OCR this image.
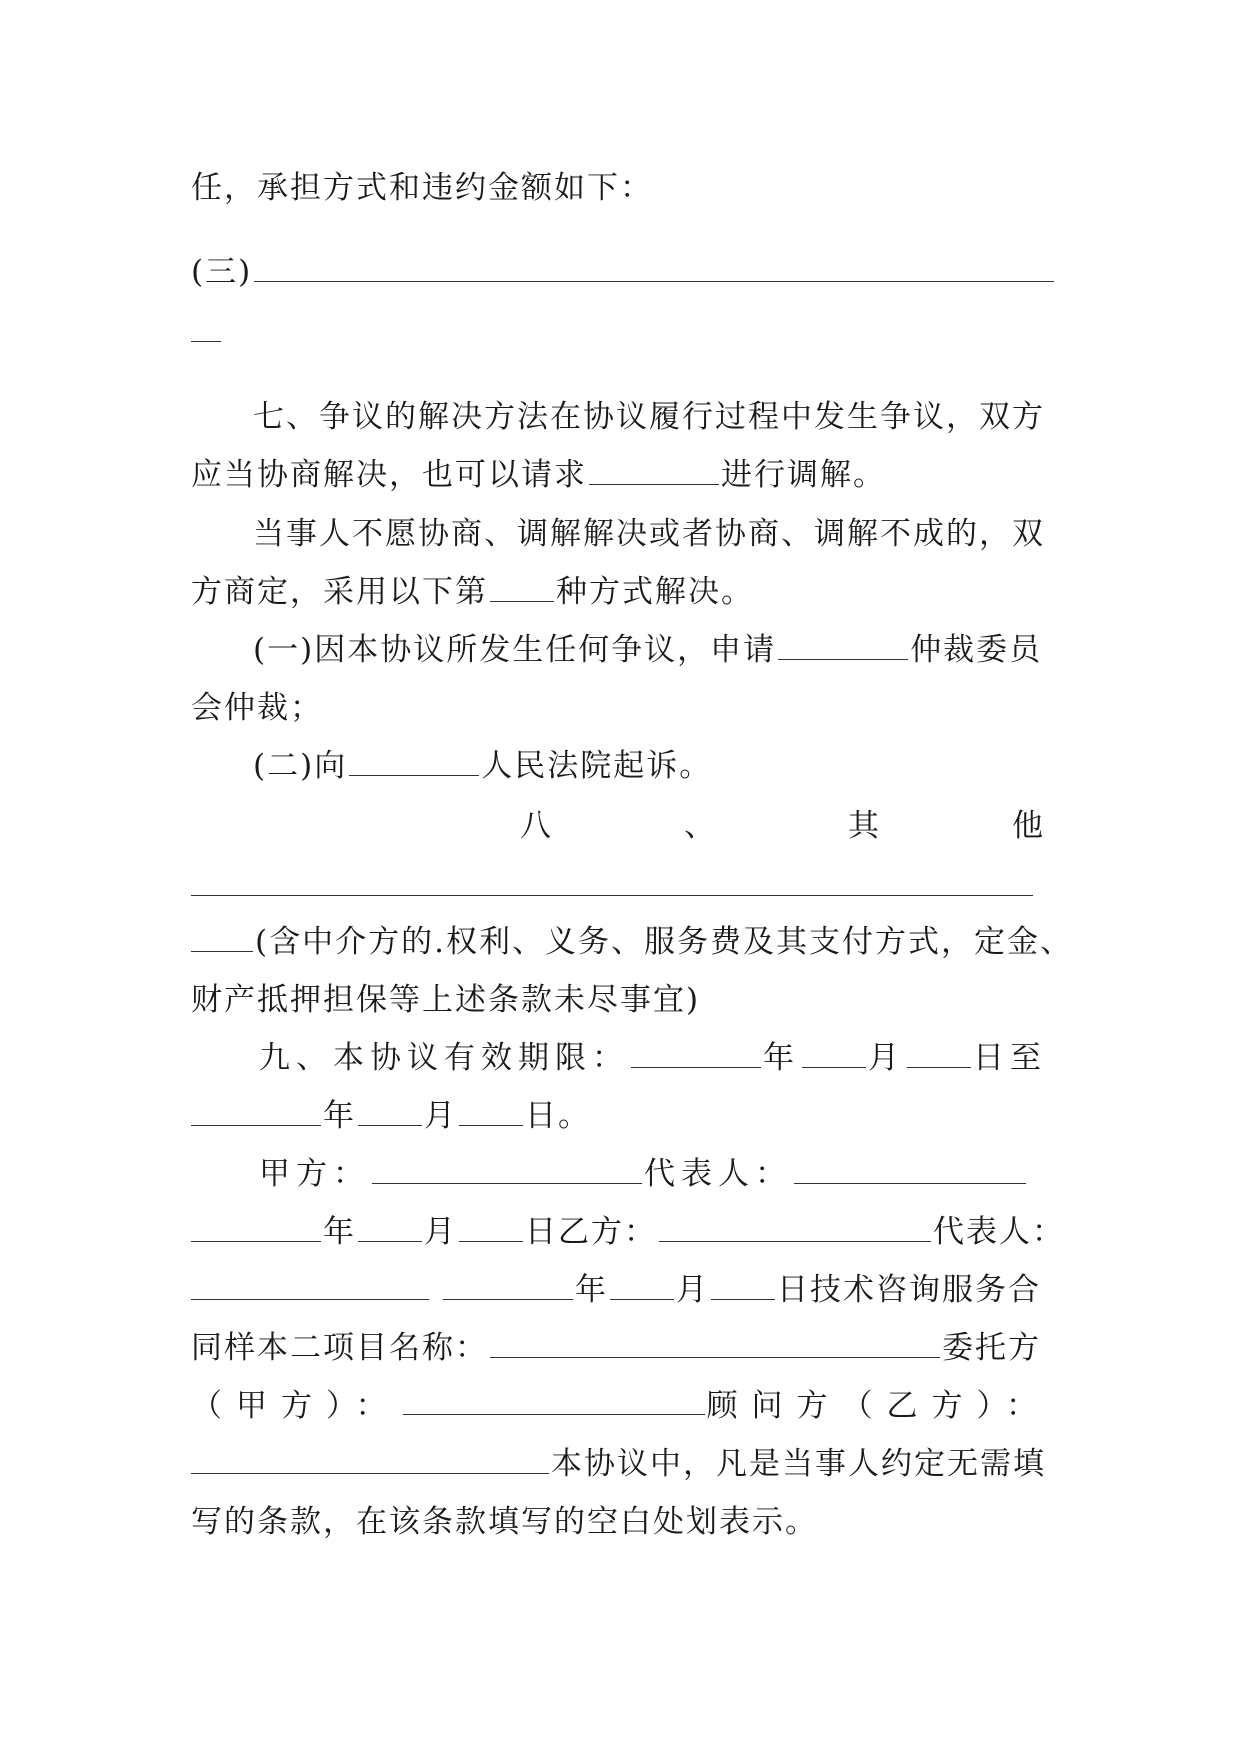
任，承担方式和违约金额如下：
(三)
七、争议的解决方法在协议履行过程中发生争议，双方
应当协商解决，也可以请求	进行调解。
当事人不愿协商、调解解决或者协商、调解不成的，双
方商定，采用以下第 种方式解决。
(一)因本协议所发生任何争议，申请	仲裁委员
会仲裁；
(二)向	人民法院起诉。
八	、	其	他
(含中介方的.权利、义务、服务费及其支付方式，定金、
财产抵押担保等上述条款未尽事宜)
九、本协议有效期限：	年 月 日至
年 月 日。
甲方：	代表人：
年 月 日乙方：	代表人：
年 月 日技术咨询服务合
同样本二项目名称：	委托方
（甲方）：	顾问方（乙方）：
本协议中，凡是当事人约定无需填
写的条款，在该条款填写的空白处划表示。
